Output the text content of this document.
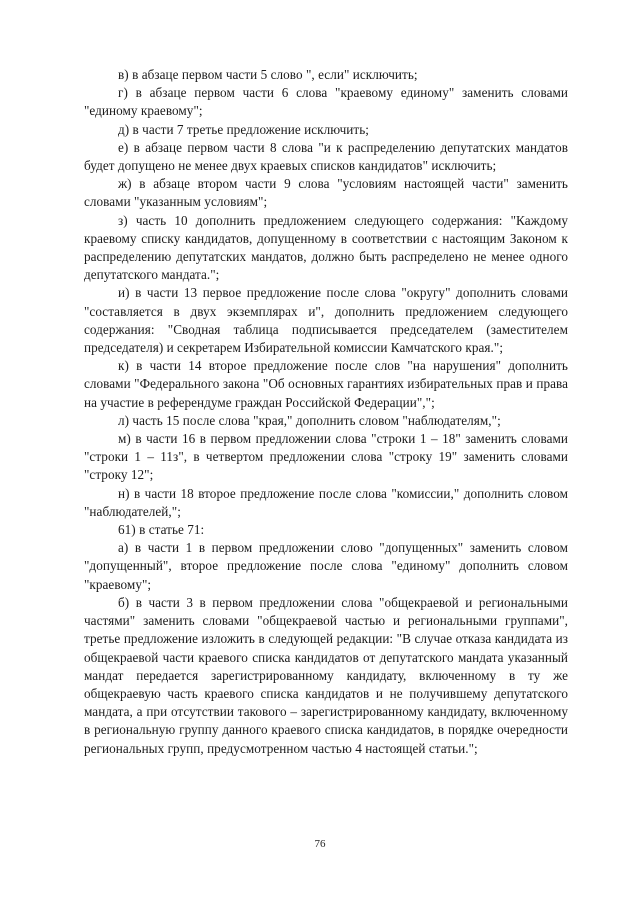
в) в абзаце первом части 5 слово ", если" исключить;

г) в абзаце первом части 6 слова "краевому единому" заменить словами "единому краевому";

д) в части 7 третье предложение исключить;

е) в абзаце первом части 8 слова "и к распределению депутатских мандатов будет допущено не менее двух краевых списков кандидатов" исключить;

ж) в абзаце втором части 9 слова "условиям настоящей части" заменить словами "указанным условиям";

з) часть 10 дополнить предложением следующего содержания: "Каждому краевому списку кандидатов, допущенному в соответствии с настоящим Законом к распределению депутатских мандатов, должно быть распределено не менее одного депутатского мандата.";

и) в части 13 первое предложение после слова "округу" дополнить словами "составляется в двух экземплярах и", дополнить предложением следующего содержания: "Сводная таблица подписывается председателем (заместителем председателя) и секретарем Избирательной комиссии Камчатского края.";

к) в части 14 второе предложение после слов "на нарушения" дополнить словами "Федерального закона "Об основных гарантиях избирательных прав и права на участие в референдуме граждан Российской Федерации",";

л) часть 15 после слова "края," дополнить словом "наблюдателям,";

м) в части 16 в первом предложении слова "строки 1 – 18" заменить словами "строки 1 – 11з", в четвертом предложении слова "строку 19" заменить словами "строку 12";

н) в части 18 второе предложение после слова "комиссии," дополнить словом "наблюдателей,";

61) в статье 71:

а) в части 1 в первом предложении слово "допущенных" заменить словом "допущенный", второе предложение после слова "единому" дополнить словом "краевому";

б) в части 3 в первом предложении слова "общекраевой и региональными частями" заменить словами "общекраевой частью и региональными группами", третье предложение изложить в следующей редакции: "В случае отказа кандидата из общекраевой части краевого списка кандидатов от депутатского мандата указанный мандат передается зарегистрированному кандидату, включенному в ту же общекраевую часть краевого списка кандидатов и не получившему депутатского мандата, а при отсутствии такового – зарегистрированному кандидату, включенному в региональную группу данного краевого списка кандидатов, в порядке очередности региональных групп, предусмотренном частью 4 настоящей статьи.";

76
